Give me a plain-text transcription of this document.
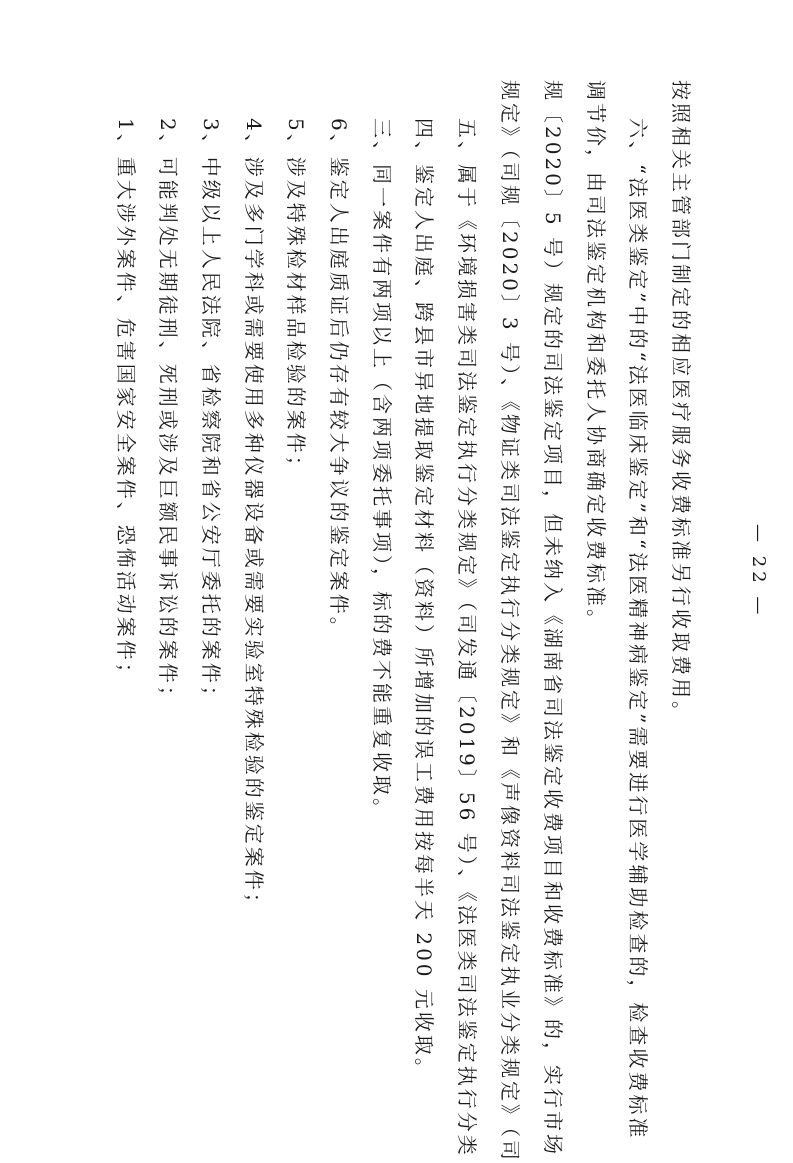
1、重大涉外案件、危害国家安全案件、恐怖活动案件； 2、可能判处无期徒刑、死刑或涉及巨额民事诉讼的案件； 3、中级以上人民法院、省检察院和省公安厅委托的案件； 4、涉及多门学科或需要使用多种仪器设备或需要实验室特殊检验的鉴定案件； 5、涉及特殊检材样品检验的案件； 6、鉴定人出庭质证后仍存有较大争议的鉴定案件。 三、同一案件有两项以上（含两项委托事项），标的费不能重复收取。 四、鉴定人出庭、跨县市异地提取鉴定材料（资料）所增加的误工费用按每半天 200 元收取。 五、属于《环境损害类司法鉴定执行分类规定》（司发通〔2019〕56 号）、《法医类司法鉴定执行分类 规定》（司规〔2020〕3 号）、《物证类司法鉴定执行分类规定》和《声像资料司法鉴定执业分类规定》（司 规〔2020〕5 号）规定的司法鉴定项目，但未纳入《湖南省司法鉴定收费项目和收费标准》的，实行市场 调节价，由司法鉴定机构和委托人协商确定收费标准。 六、“法医类鉴定”中的“法医临床鉴定”和“法医精神病鉴定”需要进行医学辅助检查的，检查收费标准 按照相关主管部门制定的相应医疗服务收费标准另行收取费用。	— 22 —
